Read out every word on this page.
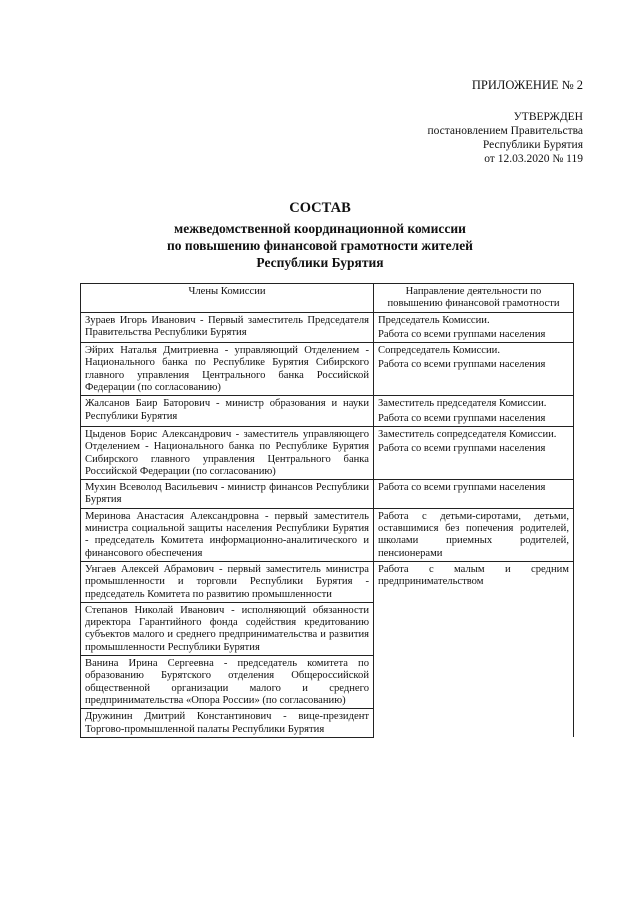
ПРИЛОЖЕНИЕ № 2
УТВЕРЖДЕН
постановлением Правительства
Республики Бурятия
от 12.03.2020 № 119
СОСТАВ
межведомственной координационной комиссии
по повышению финансовой грамотности жителей
Республики Бурятия
Члены Комиссии	Направление деятельности по повышению финансовой грамотности

Зураев Игорь Иванович - Первый заместитель Председателя Правительства Республики Бурятия	Председатель Комиссии.
Работа со всеми группами населения

Эйрих Наталья Дмитриевна - управляющий Отделением - Национального банка по Республике Бурятия Сибирского главного управления Центрального банка Российской Федерации (по согласованию)	Сопредседатель Комиссии.
Работа со всеми группами населения

Жалсанов Баир Баторович - министр образования и науки Республики Бурятия	Заместитель председателя Комиссии.
Работа со всеми группами населения

Цыденов Борис Александрович - заместитель управляющего Отделением - Национального банка по Республике Бурятия Сибирского главного управления Центрального банка Российской Федерации (по согласованию)	Заместитель сопредседателя Комиссии.
Работа со всеми группами населения

Мухин Всеволод Васильевич - министр финансов Республики Бурятия	Работа со всеми группами населения

Меринова Анастасия Александровна - первый заместитель министра социальной защиты населения Республики Бурятия - председатель Комитета информационно-аналитического и финансового обеспечения	Работа с детьми-сиротами, детьми, оставшимися без попечения родителей, школами приемных родителей, пенсионерами

Унгаев Алексей Абрамович - первый заместитель министра промышленности и торговли Республики Бурятия - председатель Комитета по развитию промышленности	Работа с малым и средним предпринимательством

Степанов Николай Иванович - исполняющий обязанности директора Гарантийного фонда содействия кредитованию субъектов малого и среднего предпринимательства и развития промышленности Республики Бурятия	

Ванина Ирина Сергеевна - председатель комитета по образованию Бурятского отделения Общероссийской общественной организации малого и среднего предпринимательства «Опора России» (по согласованию)	

Дружинин Дмитрий Константинович - вице-президент Торгово-промышленной палаты Республики Бурятия	
